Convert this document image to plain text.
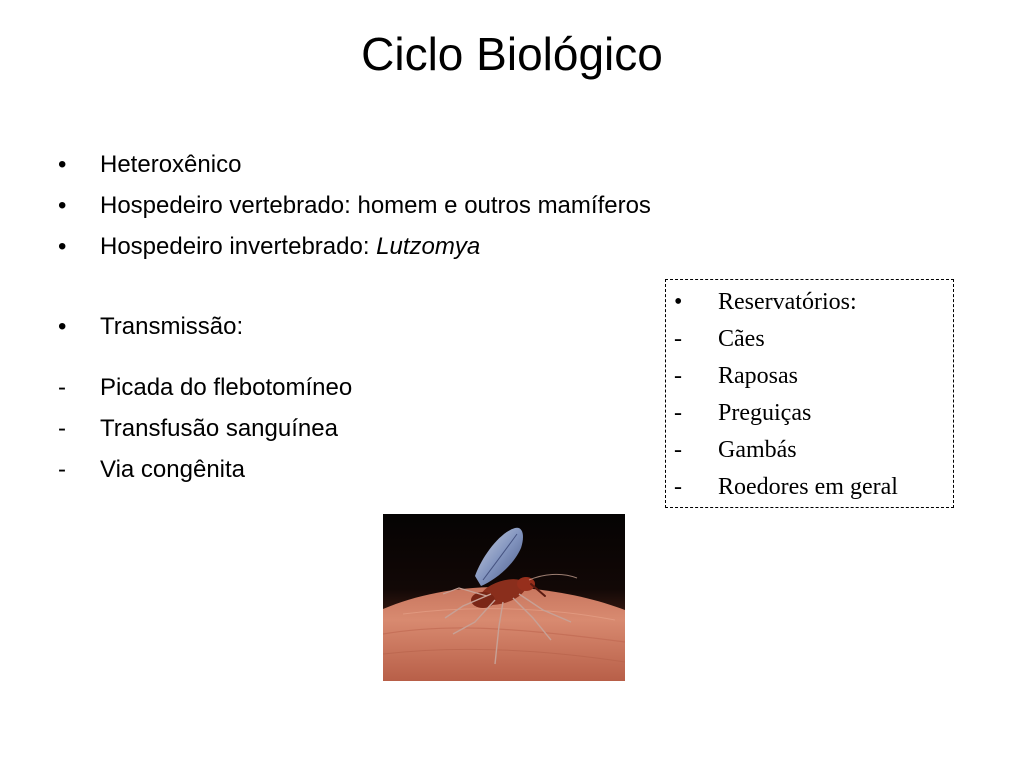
Ciclo Biológico
•	Heteroxênico
•	Hospedeiro vertebrado: homem e outros mamíferos
•	Hospedeiro invertebrado: Lutzomya
•	Transmissão:
-	Picada do flebotomíneo
-	Transfusão sanguínea
-	Via congênita
•	Reservatórios:
-	Cães
-	Raposas
-	Preguiças
-	Gambás
-	Roedores em geral
